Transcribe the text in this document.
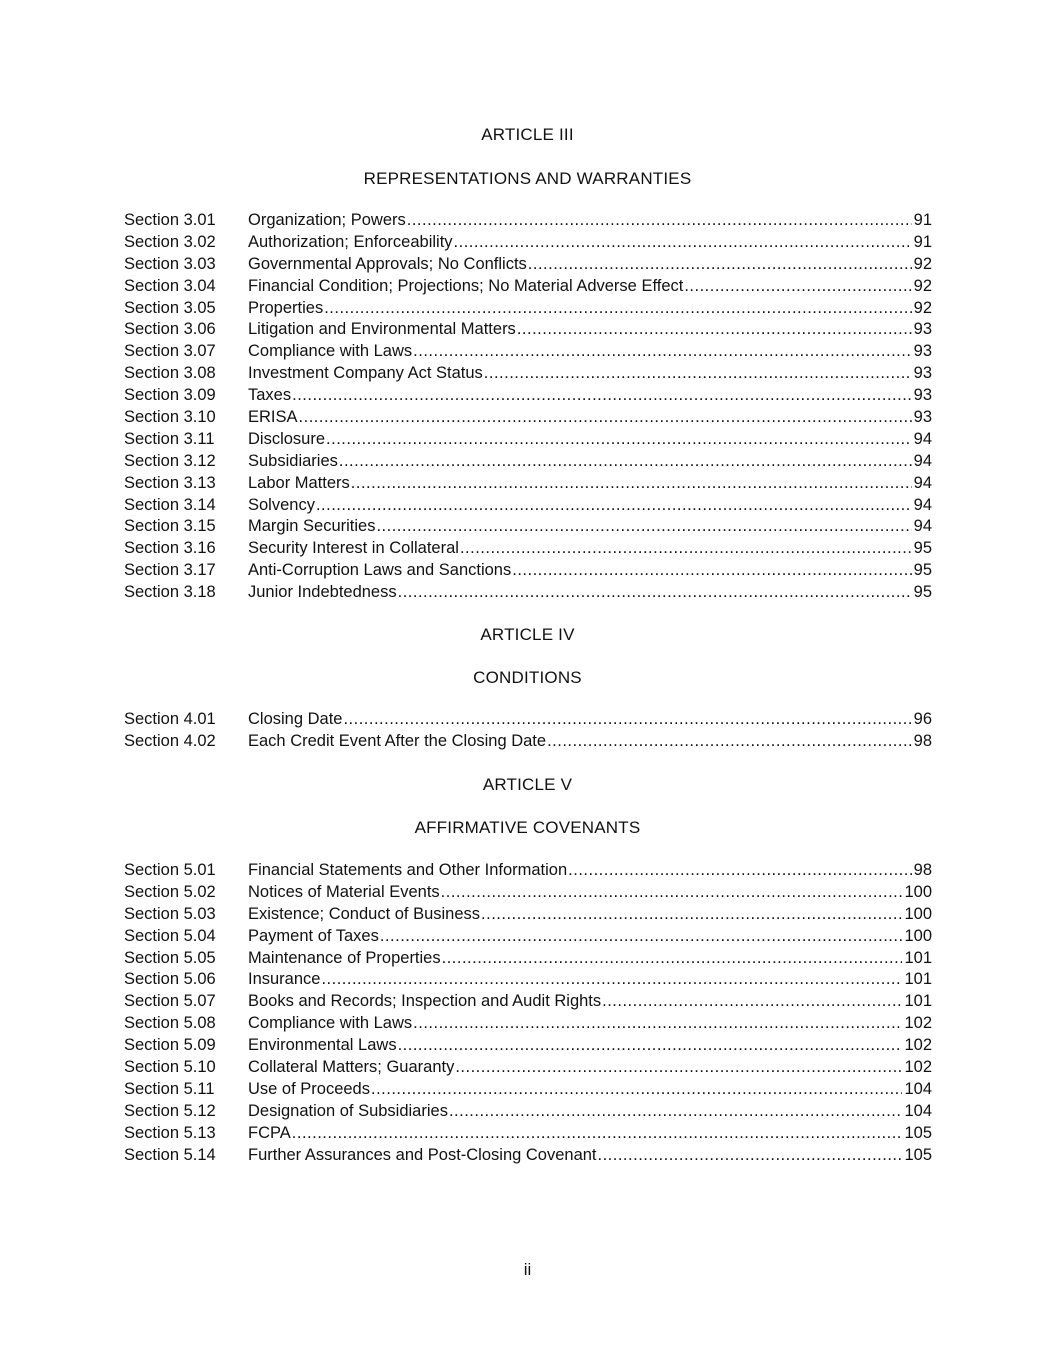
ARTICLE III
REPRESENTATIONS AND WARRANTIES
Section 3.01	Organization; Powers .....	91
Section 3.02	Authorization; Enforceability .....	91
Section 3.03	Governmental Approvals; No Conflicts .....	92
Section 3.04	Financial Condition; Projections; No Material Adverse Effect .....	92
Section 3.05	Properties .....	92
Section 3.06	Litigation and Environmental Matters .....	93
Section 3.07	Compliance with Laws .....	93
Section 3.08	Investment Company Act Status .....	93
Section 3.09	Taxes .....	93
Section 3.10	ERISA .....	93
Section 3.11	Disclosure .....	94
Section 3.12	Subsidiaries .....	94
Section 3.13	Labor Matters .....	94
Section 3.14	Solvency .....	94
Section 3.15	Margin Securities .....	94
Section 3.16	Security Interest in Collateral .....	95
Section 3.17	Anti-Corruption Laws and Sanctions .....	95
Section 3.18	Junior Indebtedness .....	95
ARTICLE IV
CONDITIONS
Section 4.01	Closing Date .....	96
Section 4.02	Each Credit Event After the Closing Date .....	98
ARTICLE V
AFFIRMATIVE COVENANTS
Section 5.01	Financial Statements and Other Information .....	98
Section 5.02	Notices of Material Events .....	100
Section 5.03	Existence; Conduct of Business .....	100
Section 5.04	Payment of Taxes .....	100
Section 5.05	Maintenance of Properties .....	101
Section 5.06	Insurance .....	101
Section 5.07	Books and Records; Inspection and Audit Rights .....	101
Section 5.08	Compliance with Laws .....	102
Section 5.09	Environmental Laws .....	102
Section 5.10	Collateral Matters; Guaranty .....	102
Section 5.11	Use of Proceeds .....	104
Section 5.12	Designation of Subsidiaries .....	104
Section 5.13	FCPA .....	105
Section 5.14	Further Assurances and Post-Closing Covenant .....	105
ii
